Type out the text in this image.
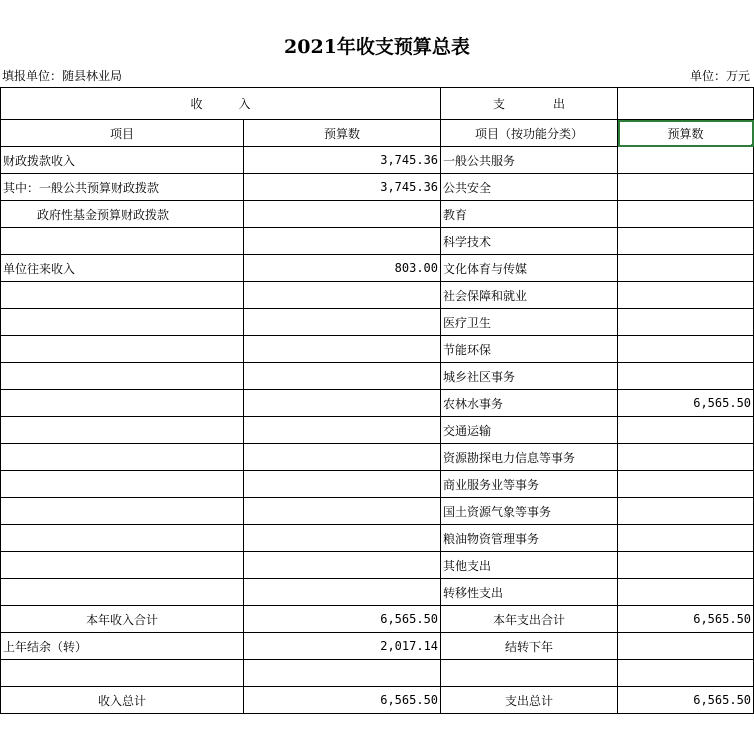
2021年收支预算总表
填报单位：随县林业局	单位：万元
收　　　入		支　　　　出	
项目	预算数	项目（按功能分类）	预算数
财政拨款收入	3,745.36	一般公共服务	
其中：一般公共预算财政拨款	3,745.36	公共安全	
政府性基金预算财政拨款		教育	
		科学技术	
单位往来收入	803.00	文化体育与传媒	
		社会保障和就业	
		医疗卫生	
		节能环保	
		城乡社区事务	
		农林水事务	6,565.50
		交通运输	
		资源勘探电力信息等事务	
		商业服务业等事务	
		国土资源气象等事务	
		粮油物资管理事务	
		其他支出	
		转移性支出	
本年收入合计	6,565.50	本年支出合计	6,565.50
上年结余（转）	2,017.14	结转下年	

收入总计	6,565.50	支出总计	6,565.50
